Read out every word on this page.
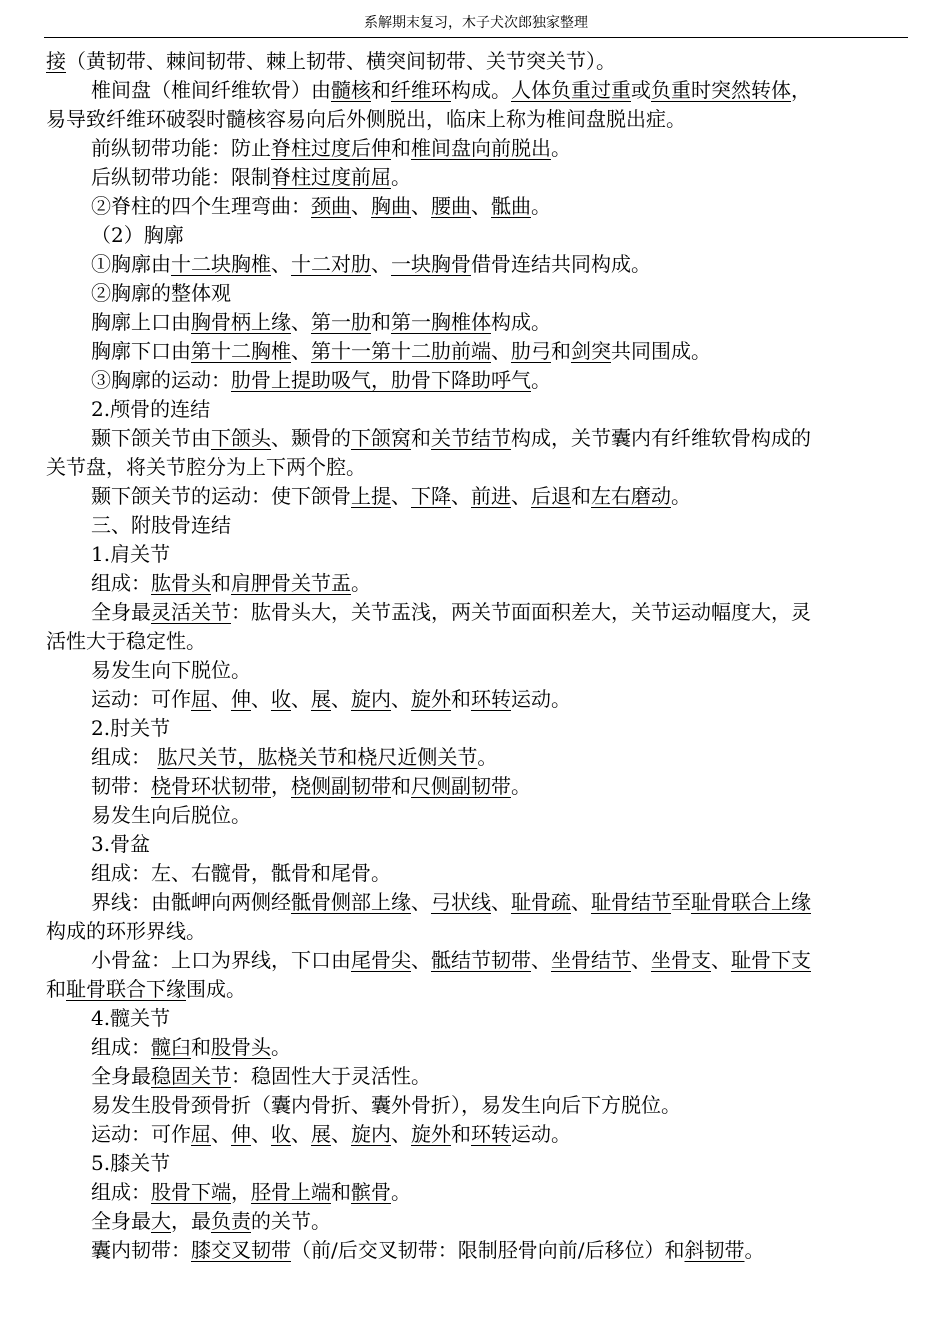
系解期末复习，木子犬次郎独家整理
接（黄韧带、棘间韧带、棘上韧带、横突间韧带、关节突关节）。
椎间盘（椎间纤维软骨）由髓核和纤维环构成。人体负重过重或负重时突然转体，
易导致纤维环破裂时髓核容易向后外侧脱出，临床上称为椎间盘脱出症。
前纵韧带功能：防止脊柱过度后伸和椎间盘向前脱出。
后纵韧带功能：限制脊柱过度前屈。
②脊柱的四个生理弯曲：颈曲、胸曲、腰曲、骶曲。
（2）胸廓
①胸廓由十二块胸椎、十二对肋、一块胸骨借骨连结共同构成。
②胸廓的整体观
胸廓上口由胸骨柄上缘、第一肋和第一胸椎体构成。
胸廓下口由第十二胸椎、第十一第十二肋前端、肋弓和剑突共同围成。
③胸廓的运动：肋骨上提助吸气，肋骨下降助呼气。
2.颅骨的连结
颞下颌关节由下颌头、颞骨的下颌窝和关节结节构成，关节囊内有纤维软骨构成的
关节盘，将关节腔分为上下两个腔。
颞下颌关节的运动：使下颌骨上提、下降、前进、后退和左右磨动。
三、附肢骨连结
1.肩关节
组成：肱骨头和肩胛骨关节盂。
全身最灵活关节：肱骨头大，关节盂浅，两关节面面积差大，关节运动幅度大，灵
活性大于稳定性。
易发生向下脱位。
运动：可作屈、伸、收、展、旋内、旋外和环转运动。
2.肘关节
组成： 肱尺关节，肱桡关节和桡尺近侧关节。
韧带：桡骨环状韧带，桡侧副韧带和尺侧副韧带。
易发生向后脱位。
3.骨盆
组成：左、右髋骨，骶骨和尾骨。
界线：由骶岬向两侧经骶骨侧部上缘、弓状线、耻骨疏、耻骨结节至耻骨联合上缘
构成的环形界线。
小骨盆：上口为界线，下口由尾骨尖、骶结节韧带、坐骨结节、坐骨支、耻骨下支
和耻骨联合下缘围成。
4.髋关节
组成：髋臼和股骨头。
全身最稳固关节：稳固性大于灵活性。
易发生股骨颈骨折（囊内骨折、囊外骨折），易发生向后下方脱位。
运动：可作屈、伸、收、展、旋内、旋外和环转运动。
5.膝关节
组成：股骨下端，胫骨上端和髌骨。
全身最大，最负责的关节。
囊内韧带：膝交叉韧带（前/后交叉韧带：限制胫骨向前/后移位）和斜韧带。
